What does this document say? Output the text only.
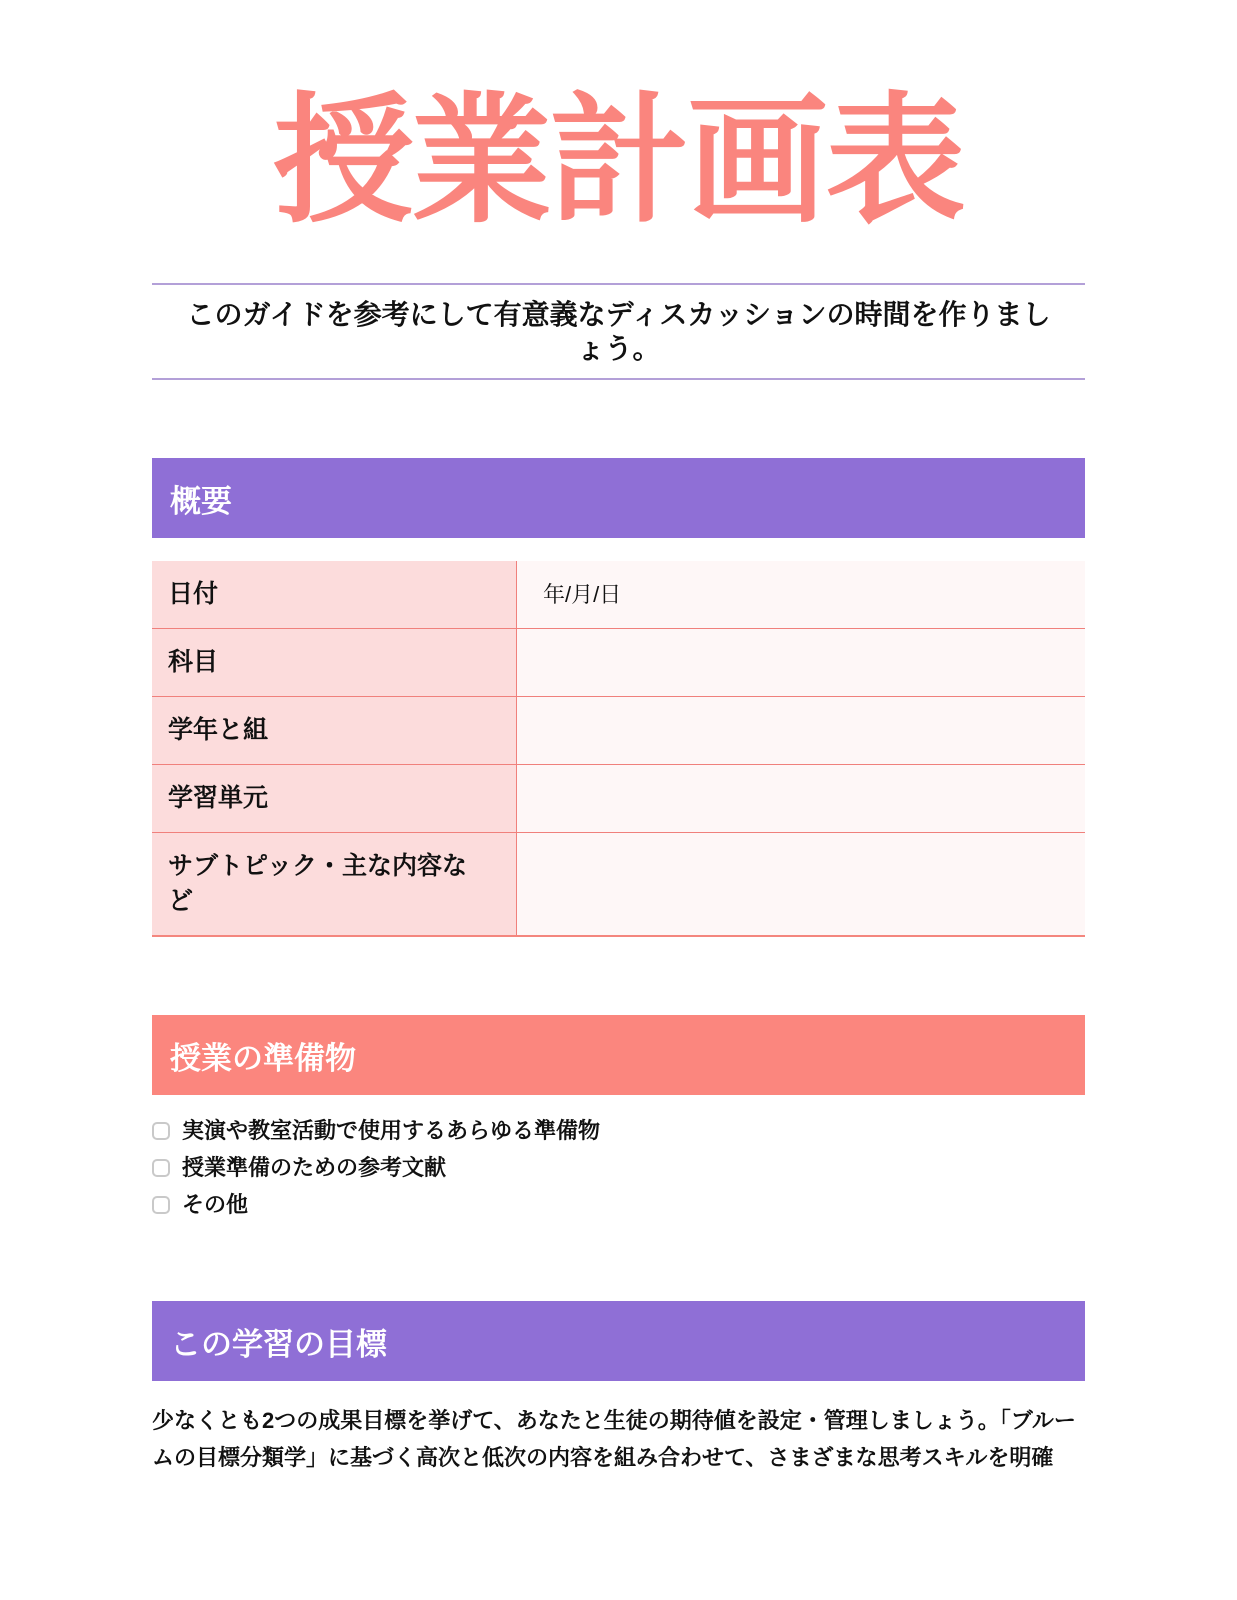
授業計画表

このガイドを参考にして有意義なディスカッションの時間を作りましょう。

概要
日付	年/月/日
科目
学年と組
学習単元
サブトピック・主な内容など
授業の準備物
実演や教室活動で使用するあらゆる準備物
授業準備のための参考文献
その他
この学習の目標

少なくとも2つの成果目標を挙げて、あなたと生徒の期待値を設定・管理しましょう。「ブルームの目標分類学」に基づく高次と低次の内容を組み合わせて、さまざまな思考スキルを明確
